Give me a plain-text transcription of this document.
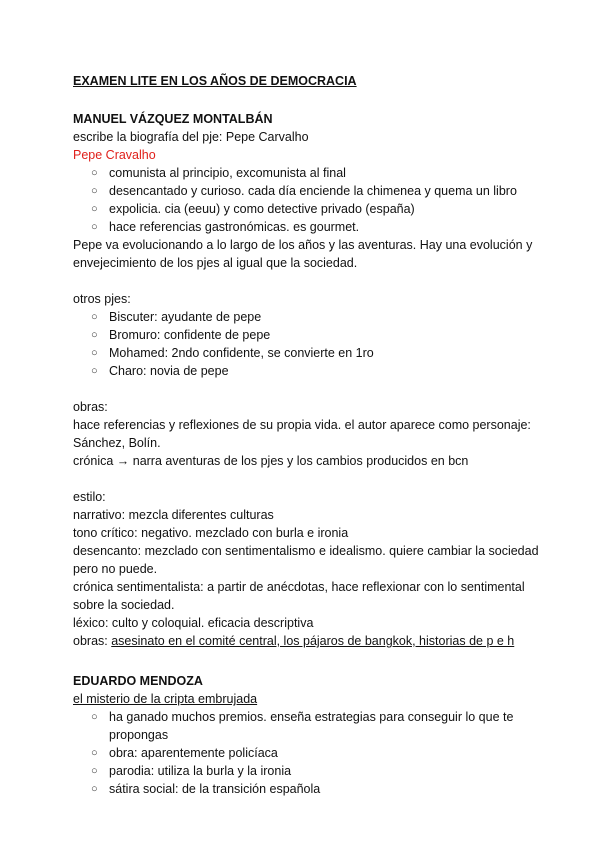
EXAMEN LITE EN LOS AÑOS DE DEMOCRACIA

MANUEL VÁZQUEZ MONTALBÁN

escribe la biografía del pje: Pepe Carvalho

Pepe Cravalho

○ comunista al principio, excomunista al final
○ desencantado y curioso. cada día enciende la chimenea y quema un libro
○ expolicia. cia (eeuu) y como detective privado (españa)
○ hace referencias gastronómicas. es gourmet.

Pepe va evolucionando a lo largo de los años y las aventuras. Hay una evolución y envejecimiento de los pjes al igual que la sociedad.

otros pjes:

○ Biscuter: ayudante de pepe
○ Bromuro: confidente de pepe
○ Mohamed: 2ndo confidente, se convierte en 1ro
○ Charo: novia de pepe

obras:

hace referencias y reflexiones de su propia vida. el autor aparece como personaje: Sánchez, Bolín.

crónica → narra aventuras de los pjes y los cambios producidos en bcn

estilo:

narrativo: mezcla diferentes culturas

tono crítico: negativo. mezclado con burla e ironia

desencanto: mezclado con sentimentalismo e idealismo. quiere cambiar la sociedad pero no puede.

crónica sentimentalista: a partir de anécdotas, hace reflexionar con lo sentimental sobre la sociedad.

léxico: culto y coloquial. eficacia descriptiva

obras: asesinato en el comité central, los pájaros de bangkok, historias de p e h

EDUARDO MENDOZA

el misterio de la cripta embrujada

○ ha ganado muchos premios. enseña estrategias para conseguir lo que te propongas
○ obra: aparentemente policíaca
○ parodia: utiliza la burla y la ironia
○ sátira social: de la transición española
